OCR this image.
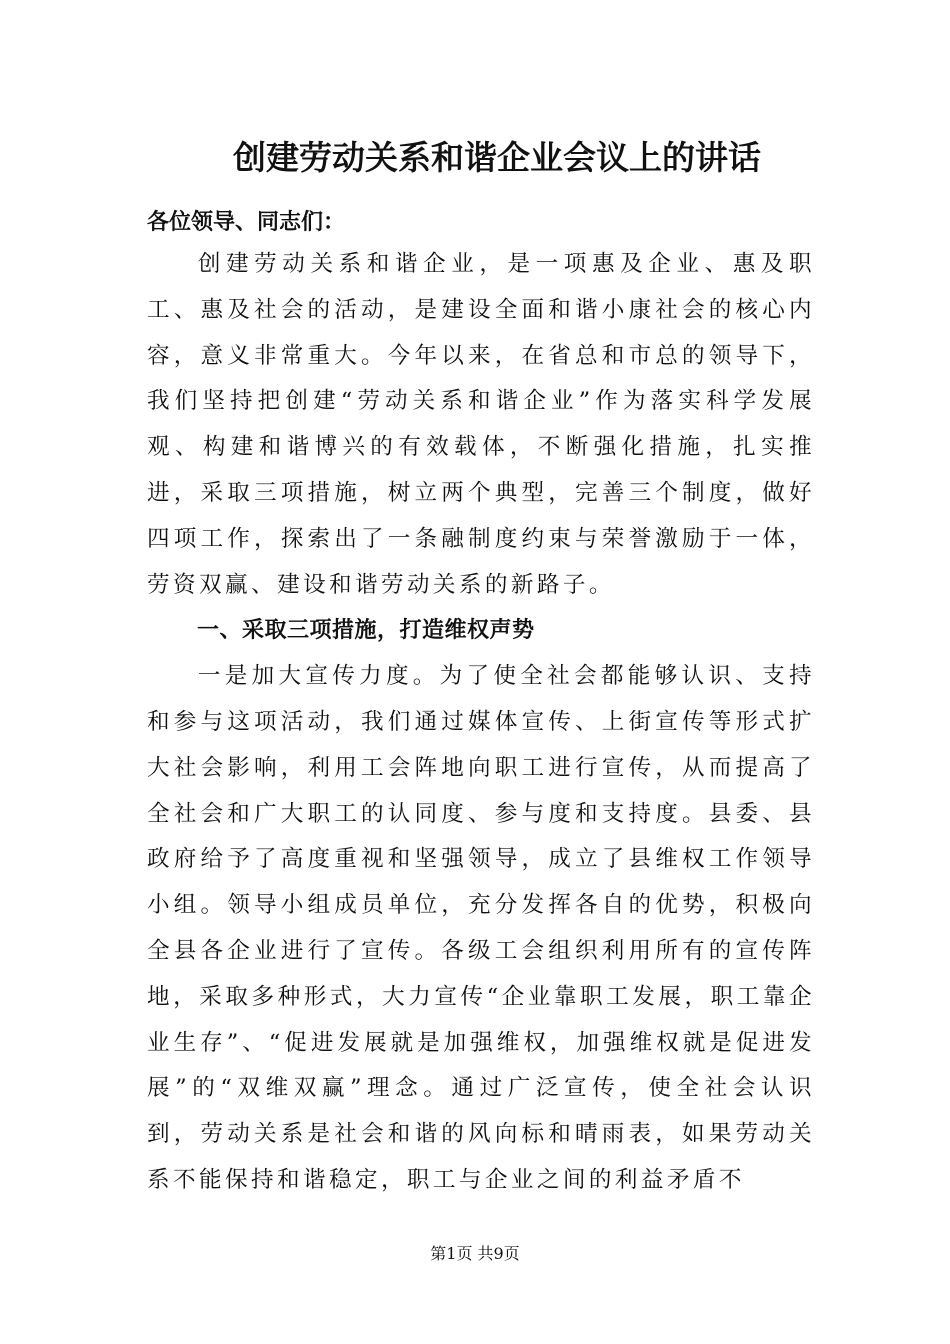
创建劳动关系和谐企业会议上的讲话
各位领导、同志们：

创建劳动关系和谐企业，是一项惠及企业、惠及职工、惠及社会的活动，是建设全面和谐小康社会的核心内容，意义非常重大。今年以来，在省总和市总的领导下，我们坚持把创建“劳动关系和谐企业”作为落实科学发展观、构建和谐博兴的有效载体，不断强化措施，扎实推进，采取三项措施，树立两个典型，完善三个制度，做好四项工作，探索出了一条融制度约束与荣誉激励于一体，劳资双赢、建设和谐劳动关系的新路子。

一、采取三项措施，打造维权声势

一是加大宣传力度。为了使全社会都能够认识、支持和参与这项活动，我们通过媒体宣传、上街宣传等形式扩大社会影响，利用工会阵地向职工进行宣传，从而提高了全社会和广大职工的认同度、参与度和支持度。县委、县政府给予了高度重视和坚强领导，成立了县维权工作领导小组。领导小组成员单位，充分发挥各自的优势，积极向全县各企业进行了宣传。各级工会组织利用所有的宣传阵地，采取多种形式，大力宣传“企业靠职工发展，职工靠企业生存”、“促进发展就是加强维权，加强维权就是促进发展”的“双维双赢”理念。通过广泛宣传，使全社会认识到，劳动关系是社会和谐的风向标和晴雨表，如果劳动关系不能保持和谐稳定，职工与企业之间的利益矛盾不

第1页 共9页
